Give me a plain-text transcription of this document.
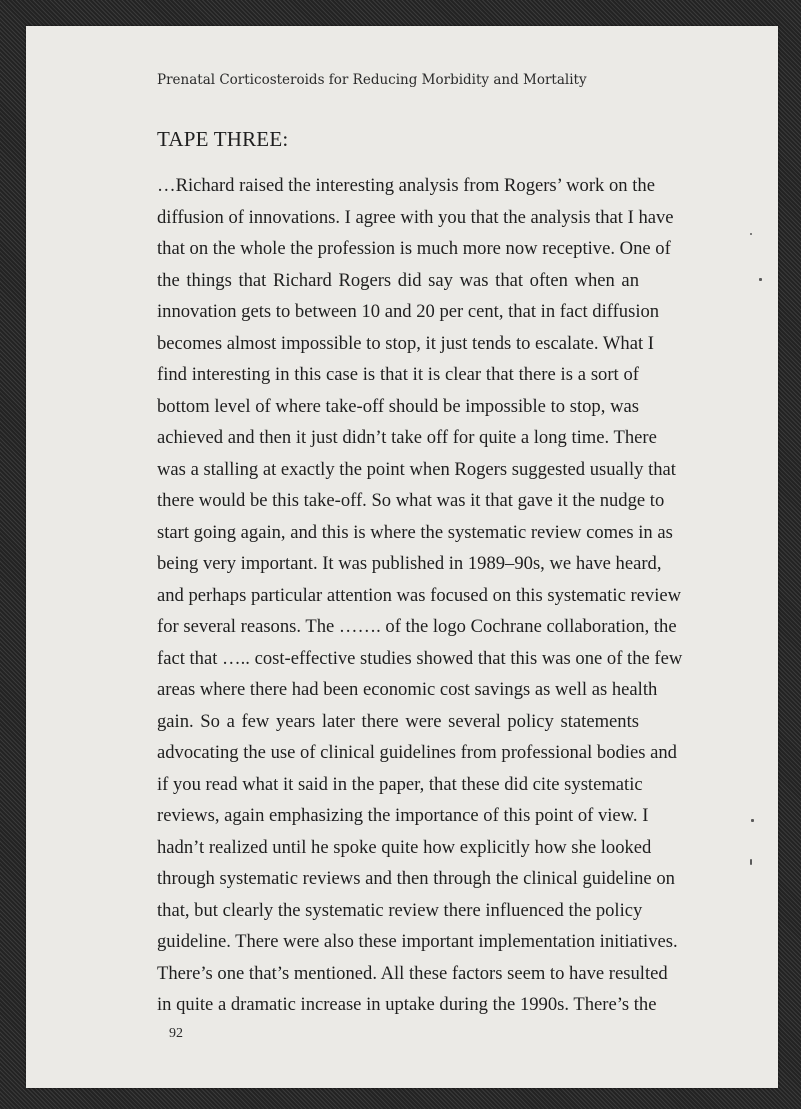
Prenatal Corticosteroids for Reducing Morbidity and Mortality
TAPE THREE:
…Richard raised the interesting analysis from Rogers’ work on the
diffusion of innovations. I agree with you that the analysis that I have
that on the whole the profession is much more now receptive. One of
the things that Richard Rogers did say was that often when an
innovation gets to between 10 and 20 per cent, that in fact diffusion
becomes almost impossible to stop, it just tends to escalate. What I
find interesting in this case is that it is clear that there is a sort of
bottom level of where take-off should be impossible to stop, was
achieved and then it just didn’t take off for quite a long time. There
was a stalling at exactly the point when Rogers suggested usually that
there would be this take-off. So what was it that gave it the nudge to
start going again, and this is where the systematic review comes in as
being very important. It was published in 1989–90s, we have heard,
and perhaps particular attention was focused on this systematic review
for several reasons. The ……. of the logo Cochrane collaboration, the
fact that ….. cost-effective studies showed that this was one of the few
areas where there had been economic cost savings as well as health
gain. So a few years later there were several policy statements
advocating the use of clinical guidelines from professional bodies and
if you read what it said in the paper, that these did cite systematic
reviews, again emphasizing the importance of this point of view. I
hadn’t realized until he spoke quite how explicitly how she looked
through systematic reviews and then through the clinical guideline on
that, but clearly the systematic review there influenced the policy
guideline. There were also these important implementation initiatives.
There’s one that’s mentioned. All these factors seem to have resulted
in quite a dramatic increase in uptake during the 1990s. There’s the
92
